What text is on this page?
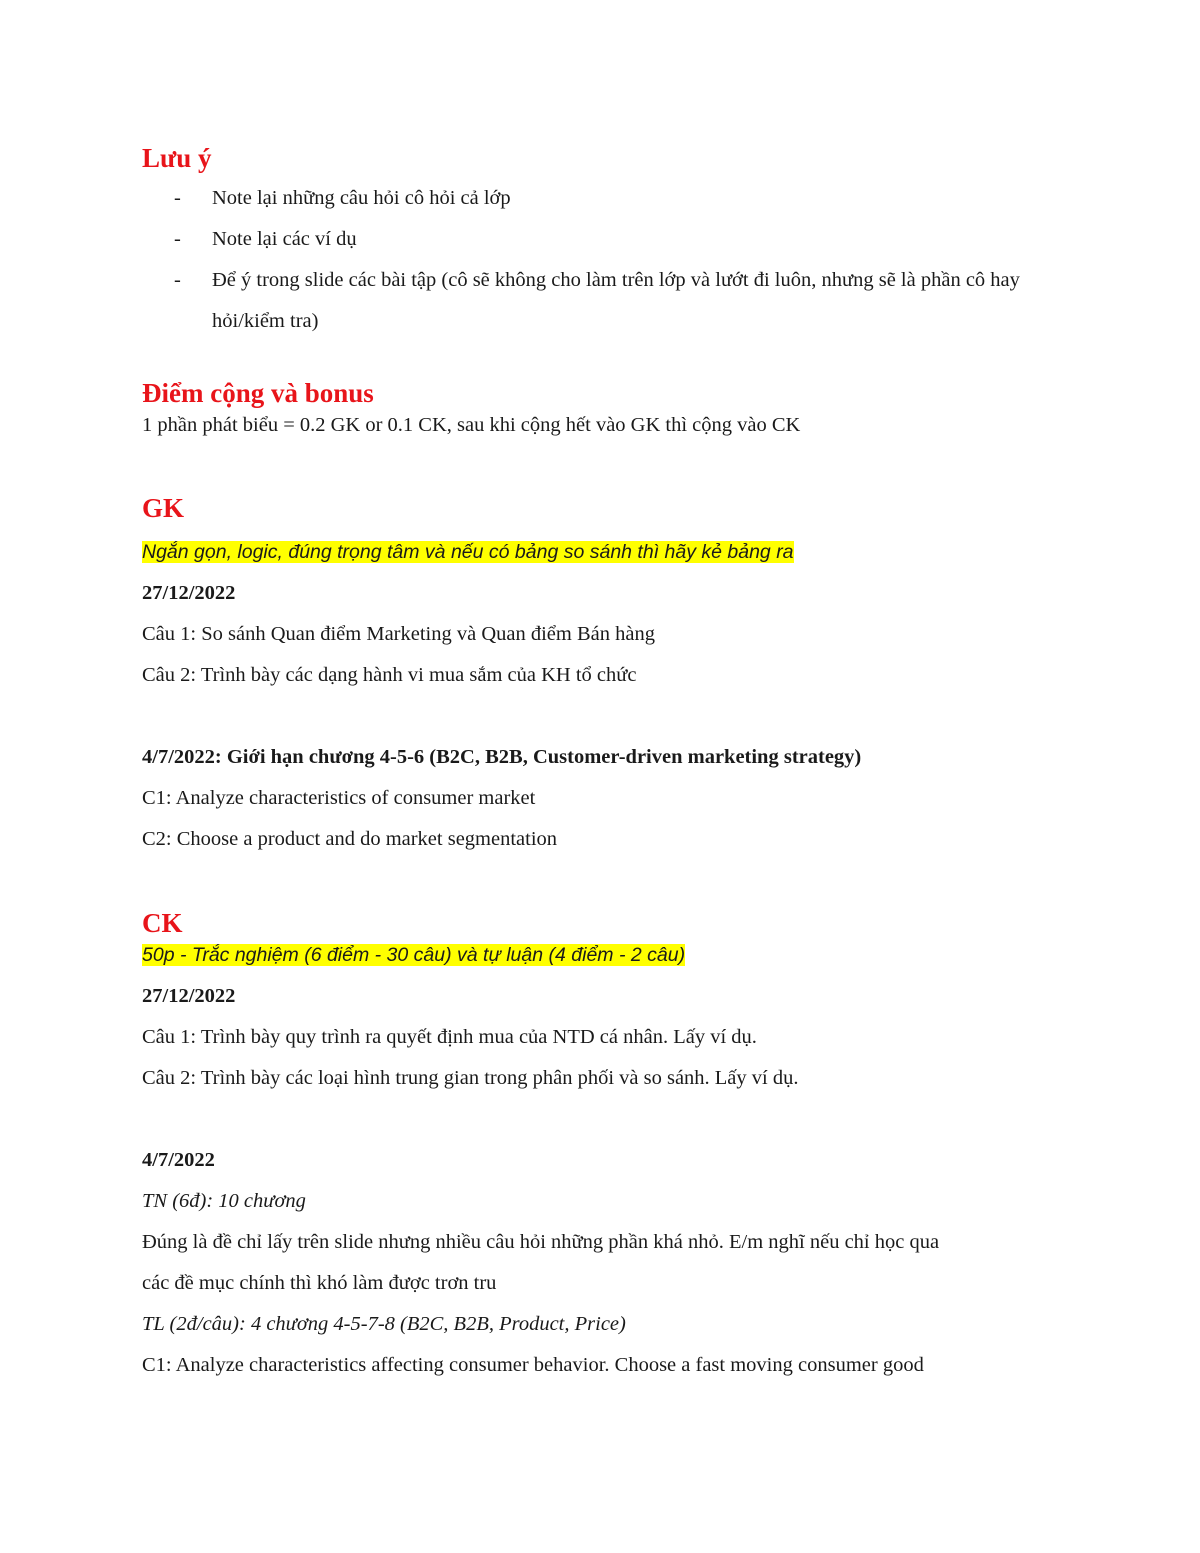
Lưu ý
- Note lại những câu hỏi cô hỏi cả lớp
- Note lại các ví dụ
- Để ý trong slide các bài tập (cô sẽ không cho làm trên lớp và lướt đi luôn, nhưng sẽ là phần cô hay hỏi/kiểm tra)
Điểm cộng và bonus

1 phần phát biểu = 0.2 GK or 0.1 CK, sau khi cộng hết vào GK thì cộng vào CK

GK

Ngắn gọn, logic, đúng trọng tâm và nếu có bảng so sánh thì hãy kẻ bảng ra

27/12/2022

Câu 1: So sánh Quan điểm Marketing và Quan điểm Bán hàng

Câu 2: Trình bày các dạng hành vi mua sắm của KH tổ chức

4/7/2022: Giới hạn chương 4-5-6 (B2C, B2B, Customer-driven marketing strategy)

C1: Analyze characteristics of consumer market

C2: Choose a product and do market segmentation

CK

50p - Trắc nghiệm (6 điểm - 30 câu) và tự luận (4 điểm - 2 câu)

27/12/2022

Câu 1: Trình bày quy trình ra quyết định mua của NTD cá nhân. Lấy ví dụ.

Câu 2: Trình bày các loại hình trung gian trong phân phối và so sánh. Lấy ví dụ.

4/7/2022

TN (6đ): 10 chương

Đúng là đề chỉ lấy trên slide nhưng nhiều câu hỏi những phần khá nhỏ. E/m nghĩ nếu chỉ học qua

các đề mục chính thì khó làm được trơn tru

TL (2đ/câu): 4 chương 4-5-7-8 (B2C, B2B, Product, Price)

C1: Analyze characteristics affecting consumer behavior. Choose a fast moving consumer good
